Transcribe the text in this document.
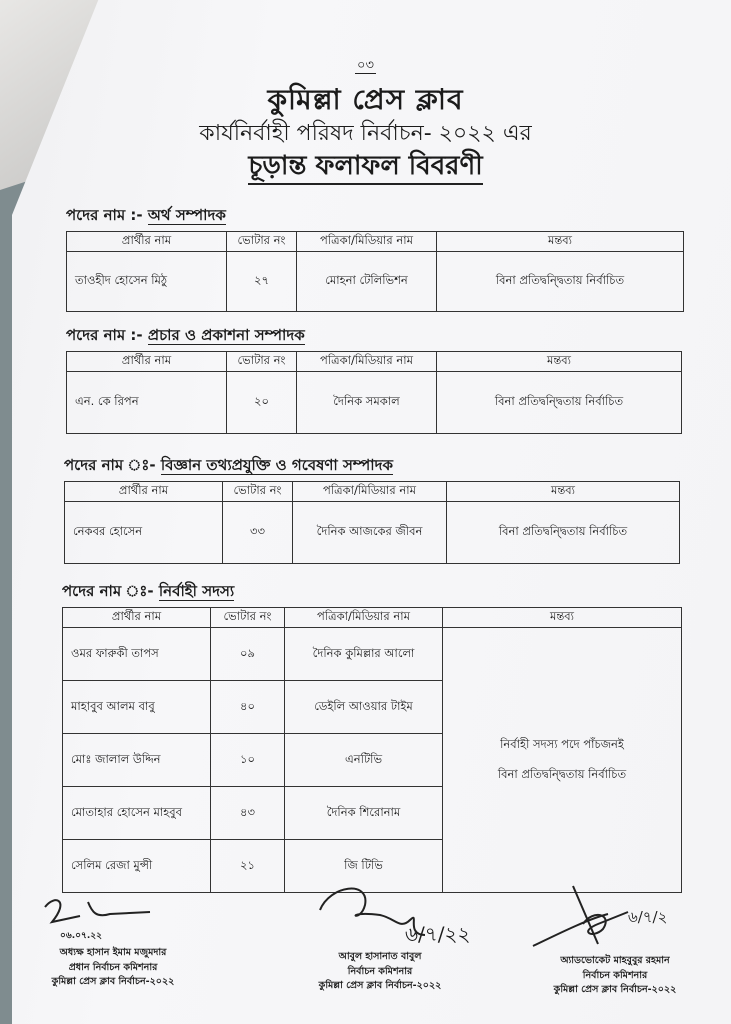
০৩
কুমিল্লা প্রেস ক্লাব
কার্যনির্বাহী পরিষদ নির্বাচন- ২০২২ এর
চূড়ান্ত ফলাফল বিবরণী
পদের নাম :- অর্থ সম্পাদক
প্রার্থীর নাম	ভোটার নং	পত্রিকা/মিডিয়ার নাম	মন্তব্য
তাওহীদ হোসেন মিঠু	২৭	মোহনা টেলিভিশন	বিনা প্রতিদ্বন্দ্বিতায় নির্বাচিত
পদের নাম :- প্রচার ও প্রকাশনা সম্পাদক
প্রার্থীর নাম	ভোটার নং	পত্রিকা/মিডিয়ার নাম	মন্তব্য
এন. কে রিপন	২০	দৈনিক সমকাল	বিনা প্রতিদ্বন্দ্বিতায় নির্বাচিত
পদের নাম ঃ- বিজ্ঞান তথ্যপ্রযুক্তি ও গবেষণা সম্পাদক
প্রার্থীর নাম	ভোটার নং	পত্রিকা/মিডিয়ার নাম	মন্তব্য
নেকবর হোসেন	৩৩	দৈনিক আজকের জীবন	বিনা প্রতিদ্বন্দ্বিতায় নির্বাচিত
পদের নাম ঃ- নির্বাহী সদস্য
প্রার্থীর নাম	ভোটার নং	পত্রিকা/মিডিয়ার নাম	মন্তব্য
ওমর ফারুকী তাপস	০৯	দৈনিক কুমিল্লার আলো	নির্বাহী সদস্য পদে পাঁচজনই
বিনা প্রতিদ্বন্দ্বিতায় নির্বাচিত

মাহাবুব আলম বাবু	৪০	ডেইলি আওয়ার টাইম	
মোঃ জালাল উদ্দিন	১০	এনটিভি	
মোতাহার হোসেন মাহবুব	৪৩	দৈনিক শিরোনাম	
সেলিম রেজা মুন্সী	২১	জি টিভি	
০৬.০৭.২২	৬/৭/২২
৬/৭/২
অধ্যক্ষ হাসান ইমাম মজুমদার
প্রধান নির্বাচন কমিশনার
কুমিল্লা প্রেস ক্লাব নির্বাচন-২০২২
আবুল হাসানাত বাবুল
নির্বাচন কমিশনার
কুমিল্লা প্রেস ক্লাব নির্বাচন-২০২২
অ্যাডভোকেট মাহবুবুর রহমান
নির্বাচন কমিশনার
কুমিল্লা প্রেস ক্লাব নির্বাচন-২০২২
